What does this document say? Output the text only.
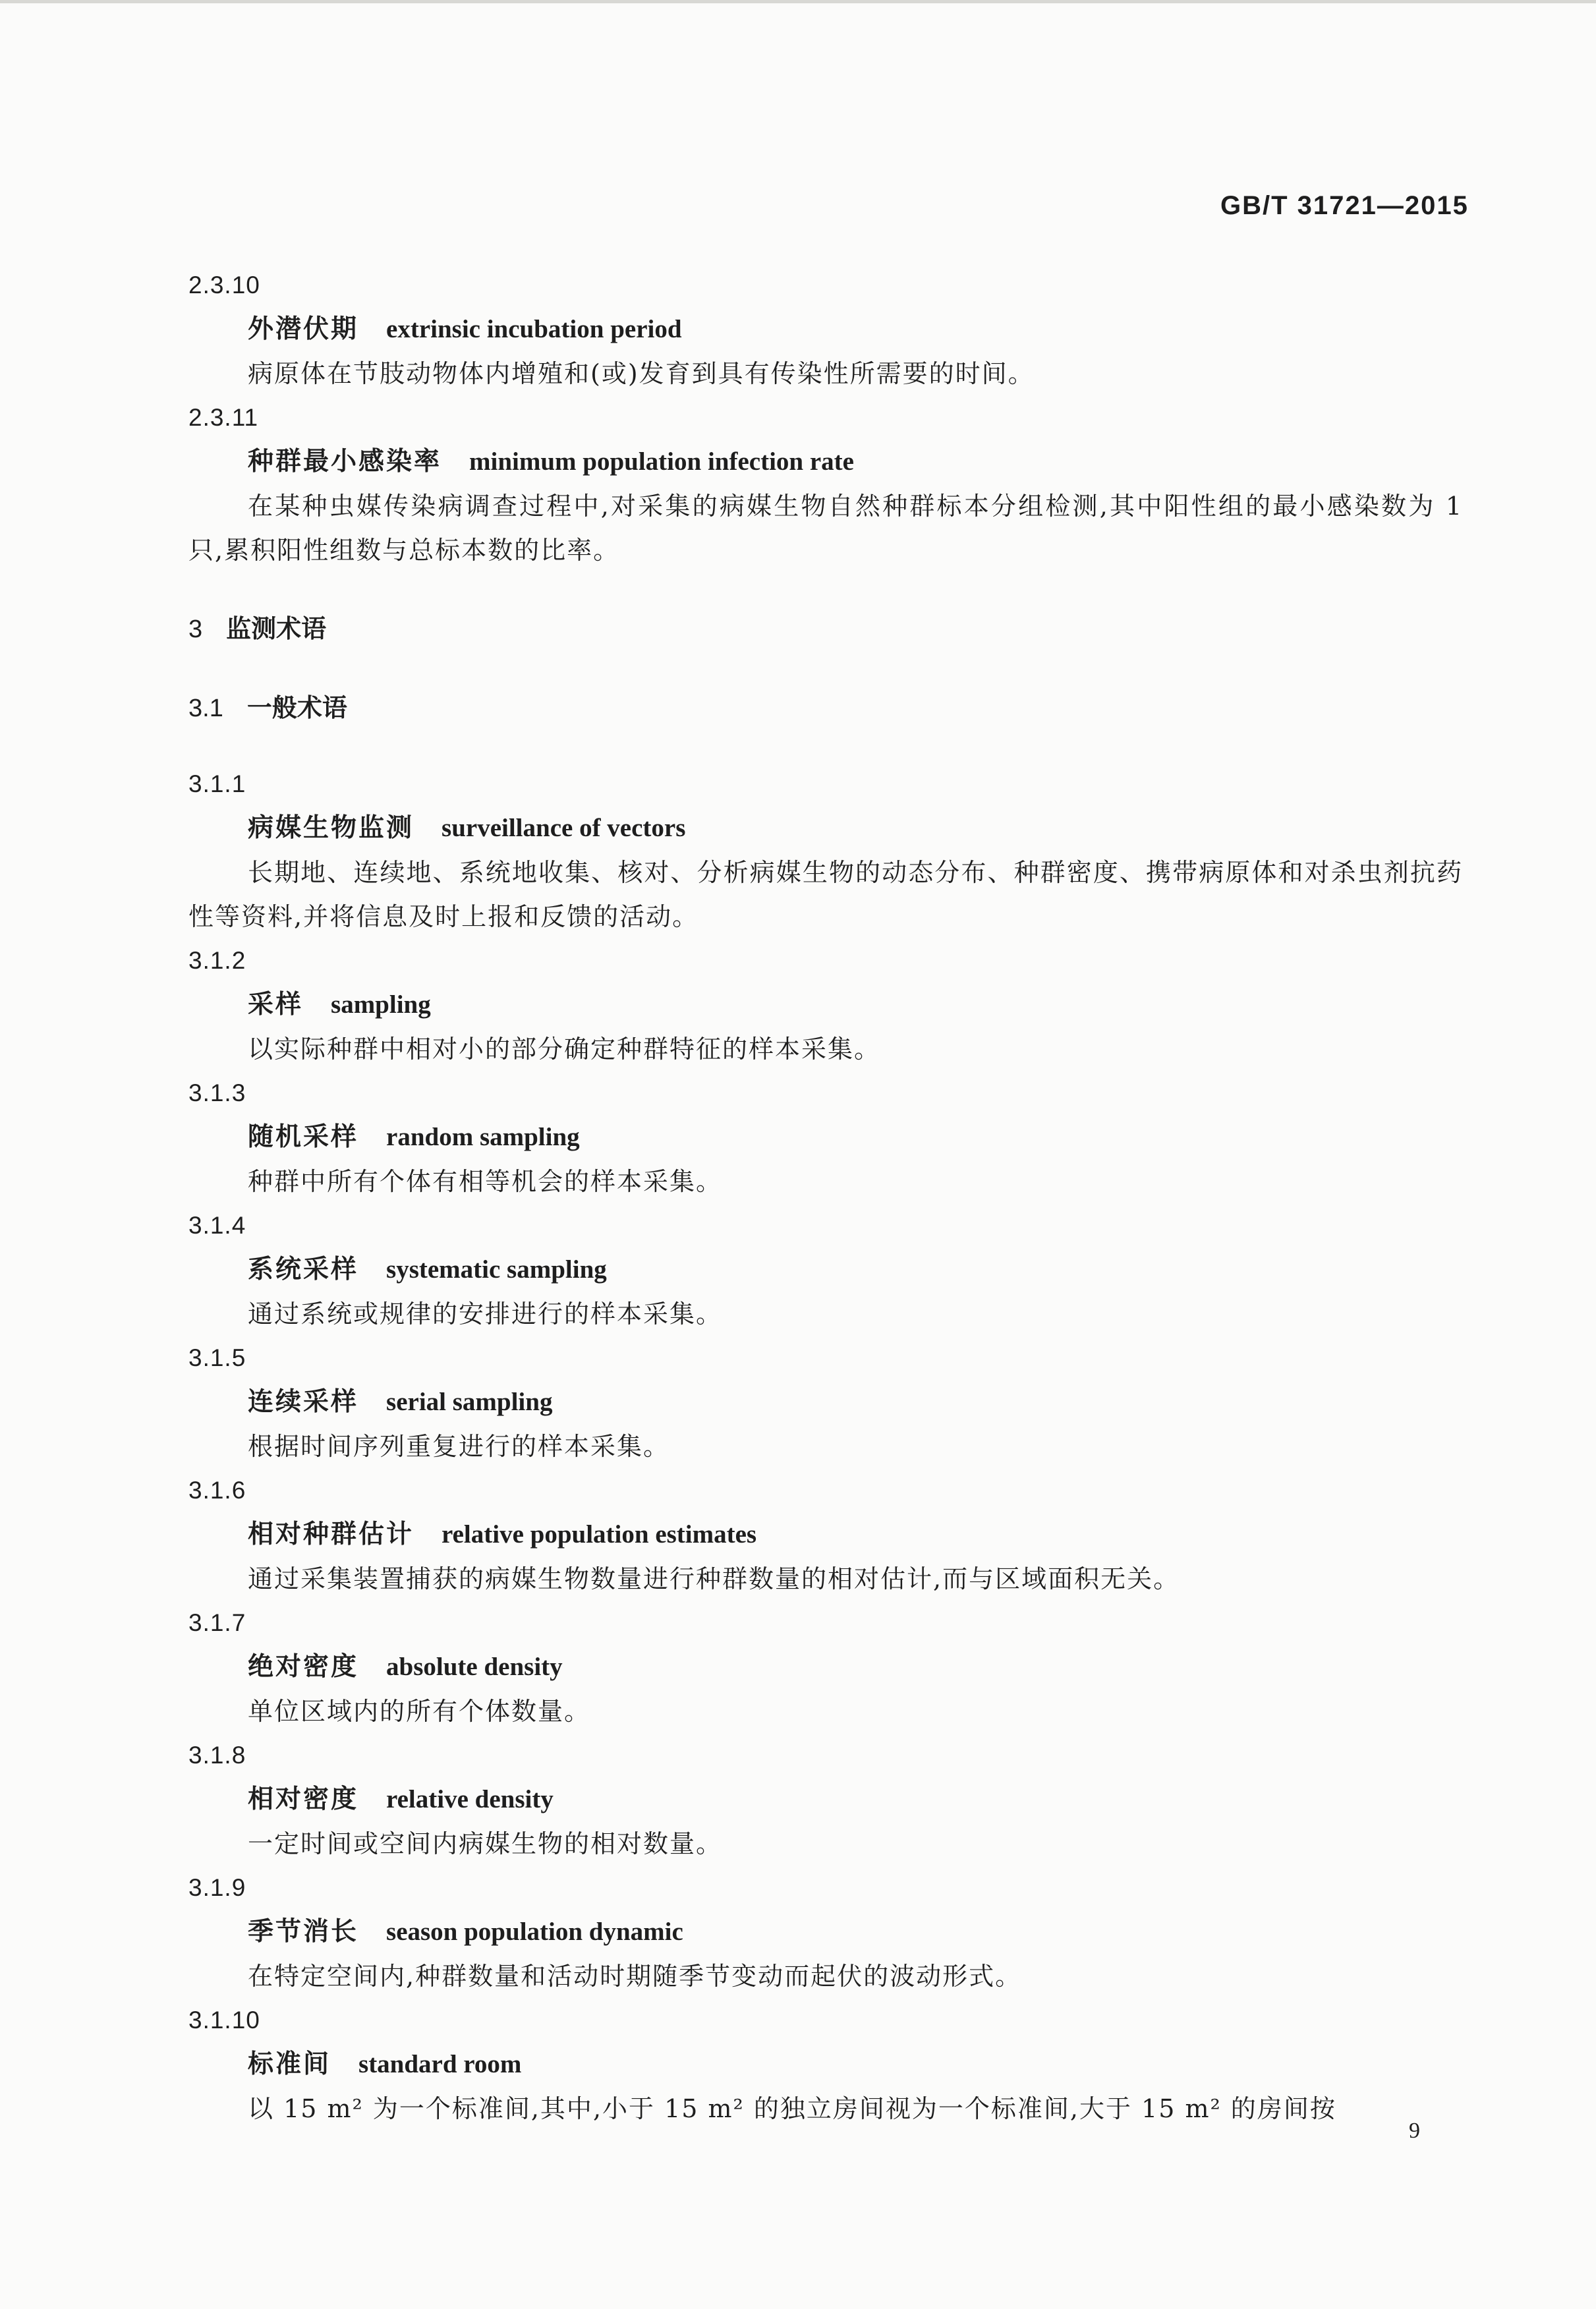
GB/T 31721—2015
2.3.10
外潜伏期 extrinsic incubation period

病原体在节肢动物体内增殖和(或)发育到具有传染性所需要的时间。

2.3.11
种群最小感染率 minimum population infection rate

在某种虫媒传染病调查过程中,对采集的病媒生物自然种群标本分组检测,其中阳性组的最小感染数为 1 只,累积阳性组数与总标本数的比率。

3 监测术语
3.1 一般术语
3.1.1
病媒生物监测 surveillance of vectors

长期地、连续地、系统地收集、核对、分析病媒生物的动态分布、种群密度、携带病原体和对杀虫剂抗药性等资料,并将信息及时上报和反馈的活动。

3.1.2
采样 sampling

以实际种群中相对小的部分确定种群特征的样本采集。

3.1.3
随机采样 random sampling

种群中所有个体有相等机会的样本采集。

3.1.4
系统采样 systematic sampling

通过系统或规律的安排进行的样本采集。

3.1.5
连续采样 serial sampling

根据时间序列重复进行的样本采集。

3.1.6
相对种群估计 relative population estimates

通过采集装置捕获的病媒生物数量进行种群数量的相对估计,而与区域面积无关。

3.1.7
绝对密度 absolute density

单位区域内的所有个体数量。

3.1.8
相对密度 relative density

一定时间或空间内病媒生物的相对数量。

3.1.9
季节消长 season population dynamic

在特定空间内,种群数量和活动时期随季节变动而起伏的波动形式。

3.1.10
标准间 standard room

以 15 m² 为一个标准间,其中,小于 15 m² 的独立房间视为一个标准间,大于 15 m² 的房间按

9
